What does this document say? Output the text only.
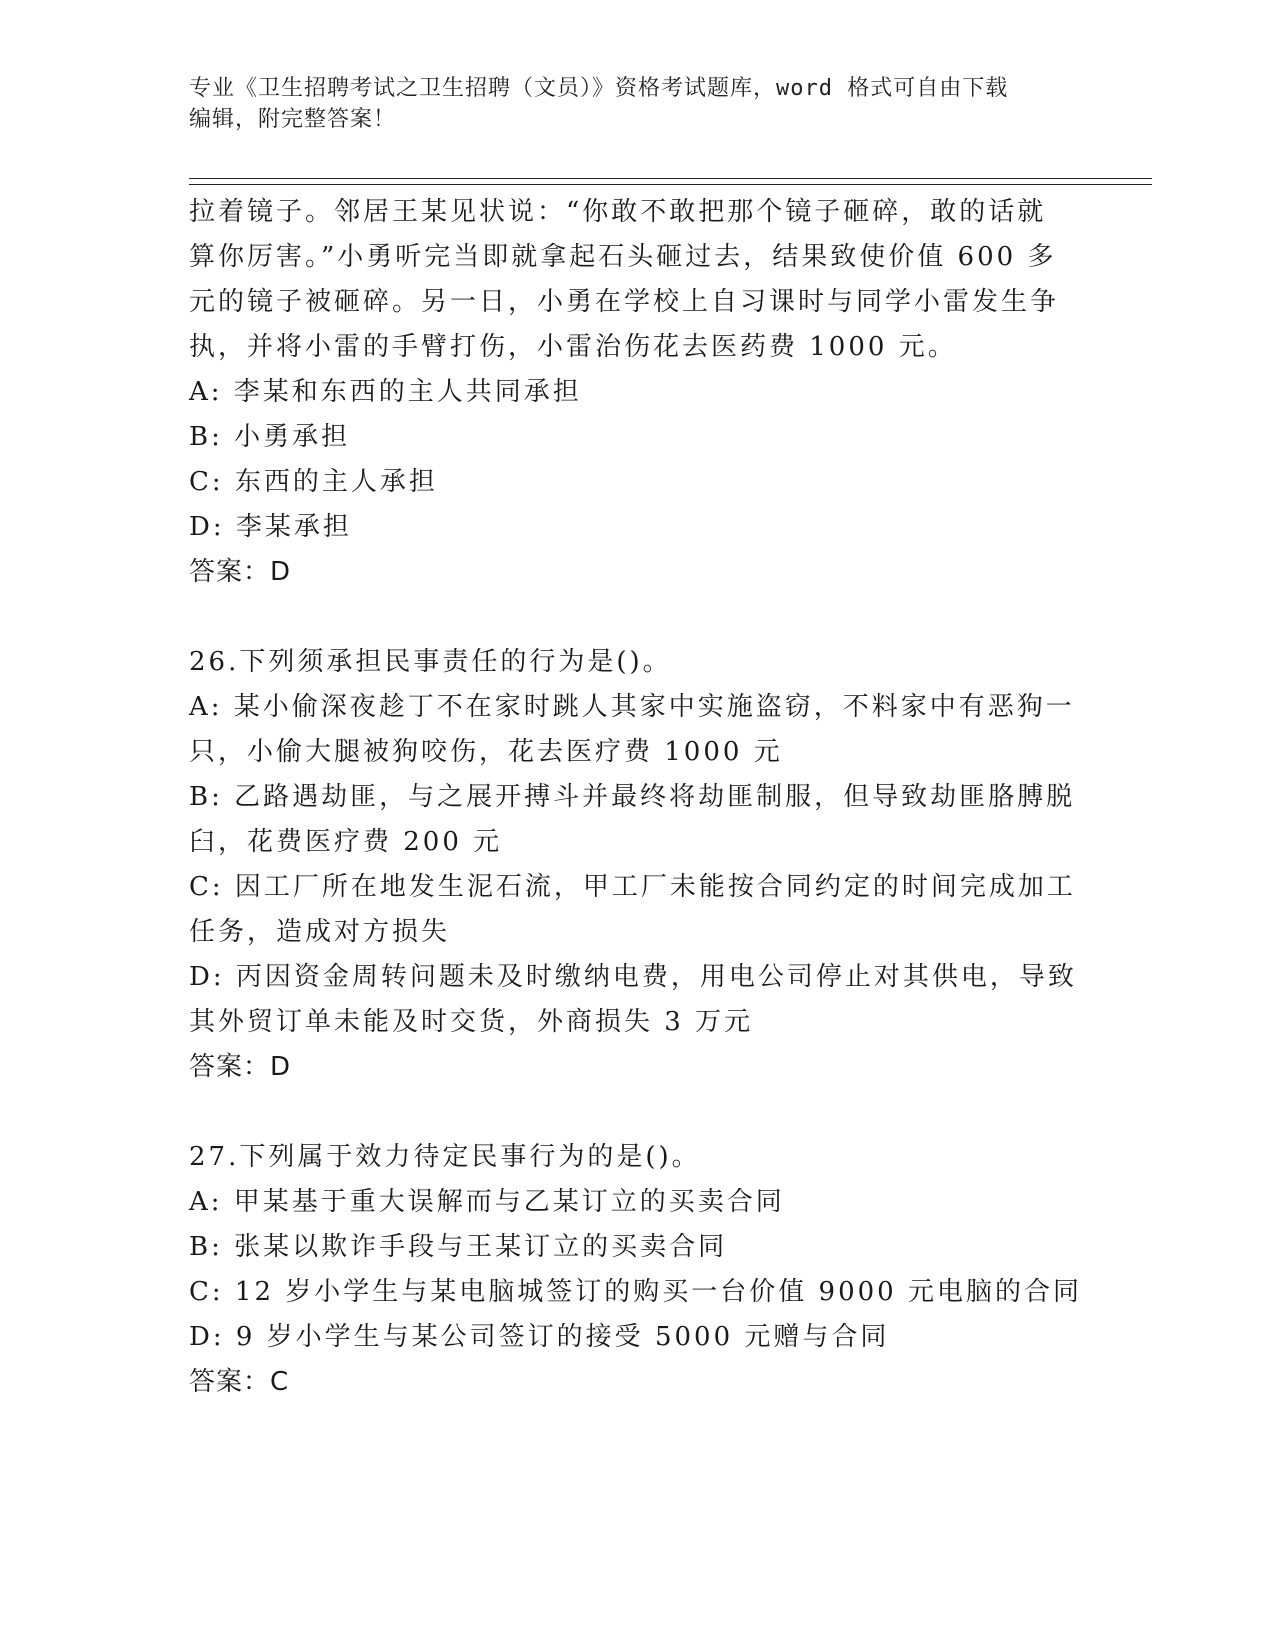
专业《卫生招聘考试之卫生招聘（文员）》资格考试题库，word 格式可自由下载
编辑，附完整答案！
拉着镜子。邻居王某见状说：“你敢不敢把那个镜子砸碎，敢的话就
算你厉害。”小勇听完当即就拿起石头砸过去，结果致使价值 600 多
元的镜子被砸碎。另一日，小勇在学校上自习课时与同学小雷发生争
执，并将小雷的手臂打伤，小雷治伤花去医药费 1000 元。
A: 李某和东西的主人共同承担
B: 小勇承担
C: 东西的主人承担
D: 李某承担
答案：D
26.下列须承担民事责任的行为是()。
A: 某小偷深夜趁丁不在家时跳人其家中实施盗窃，不料家中有恶狗一
只，小偷大腿被狗咬伤，花去医疗费 1000 元
B: 乙路遇劫匪，与之展开搏斗并最终将劫匪制服，但导致劫匪胳膊脱
臼，花费医疗费 200 元
C: 因工厂所在地发生泥石流，甲工厂未能按合同约定的时间完成加工
任务，造成对方损失
D: 丙因资金周转问题未及时缴纳电费，用电公司停止对其供电，导致
其外贸订单未能及时交货，外商损失 3 万元
答案：D
27.下列属于效力待定民事行为的是()。
A: 甲某基于重大误解而与乙某订立的买卖合同
B: 张某以欺诈手段与王某订立的买卖合同
C: 12 岁小学生与某电脑城签订的购买一台价值 9000 元电脑的合同
D: 9 岁小学生与某公司签订的接受 5000 元赠与合同
答案：C
